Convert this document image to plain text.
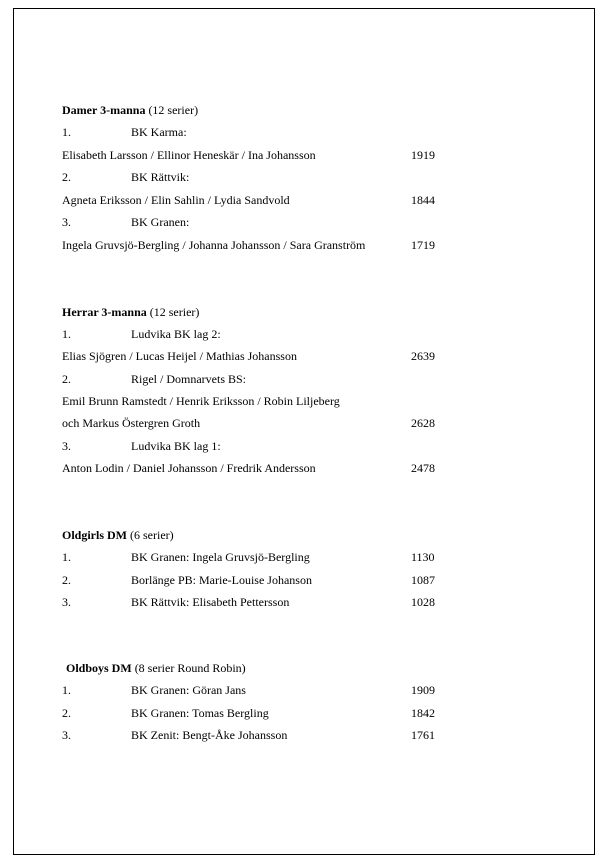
Damer 3-manna (12 serier)
1.	BK Karma:
Elisabeth Larsson / Ellinor Heneskär / Ina Johansson	1919
2.	BK Rättvik:
Agneta Eriksson / Elin Sahlin / Lydia Sandvold	1844
3.	BK Granen:
Ingela Gruvsjö-Bergling / Johanna Johansson / Sara Granström	1719
Herrar 3-manna (12 serier)
1.	Ludvika BK lag 2:
Elias Sjögren / Lucas Heijel / Mathias Johansson	2639
2.	Rigel / Domnarvets BS:
Emil Brunn Ramstedt / Henrik Eriksson / Robin Liljeberg
och Markus Östergren Groth	2628
3.	Ludvika BK lag 1:
Anton Lodin / Daniel Johansson / Fredrik Andersson	2478
Oldgirls DM (6 serier)
1.	BK Granen: Ingela Gruvsjö-Bergling	1130
2.	Borlänge PB: Marie-Louise Johanson	1087
3.	BK Rättvik: Elisabeth Pettersson	1028
Oldboys DM (8 serier Round Robin)
1.	BK Granen: Göran Jans	1909
2.	BK Granen: Tomas Bergling	1842
3.	BK Zenit: Bengt-Åke Johansson	1761
